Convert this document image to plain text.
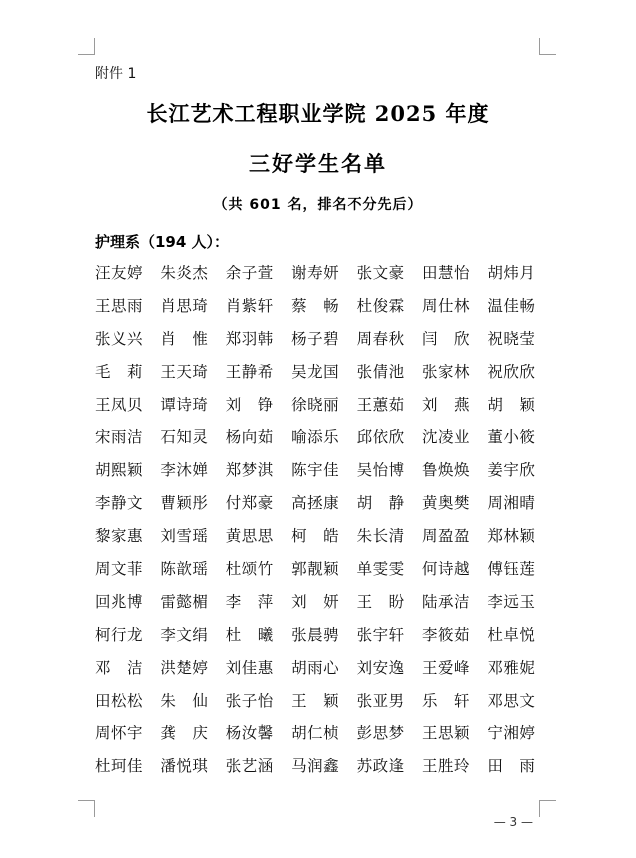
附件 1
长江艺术工程职业学院 2025 年度
三好学生名单
（共 601 名，排名不分先后）
护理系（194 人）：
汪友婷	朱炎杰	余子萱	谢寿妍	张文豪	田慧怡	胡炜月
王思雨	肖思琦	肖紫轩	蔡　畅	杜俊霖	周仕林	温佳畅
张义兴	肖　惟	郑羽韩	杨子碧	周春秋	闫　欣	祝晓莹
毛　莉	王天琦	王静希	吴龙国	张倩池	张家林	祝欣欣
王凤贝	谭诗琦	刘　铮	徐晓丽	王蕙茹	刘　燕	胡　颖
宋雨洁	石知灵	杨向茹	喻添乐	邱依欣	沈凌业	董小筱
胡熙颖	李沐婵	郑梦淇	陈宇佳	吴怡博	鲁焕焕	姜宇欣
李静文	曹颖彤	付郑豪	高拯康	胡　静	黄奥樊	周湘晴
黎家惠	刘雪瑶	黄思思	柯　皓	朱长清	周盈盈	郑林颖
周文菲	陈歆瑶	杜颂竹	郭靓颖	单雯雯	何诗越	傅钰莲
回兆博	雷懿楣	李　萍	刘　妍	王　盼	陆承洁	李远玉
柯行龙	李文绢	杜　曦	张晨骋	张宇轩	李筱茹	杜卓悦
邓　洁	洪楚婷	刘佳惠	胡雨心	刘安逸	王爱峰	邓雅妮
田松松	朱　仙	张子怡	王　颖	张亚男	乐　轩	邓思文
周怀宇	龚　庆	杨汝馨	胡仁桢	彭思梦	王思颖	宁湘婷
杜珂佳	潘悦琪	张艺涵	马润鑫	苏政逢	王胜玲	田　雨
— 3 —
